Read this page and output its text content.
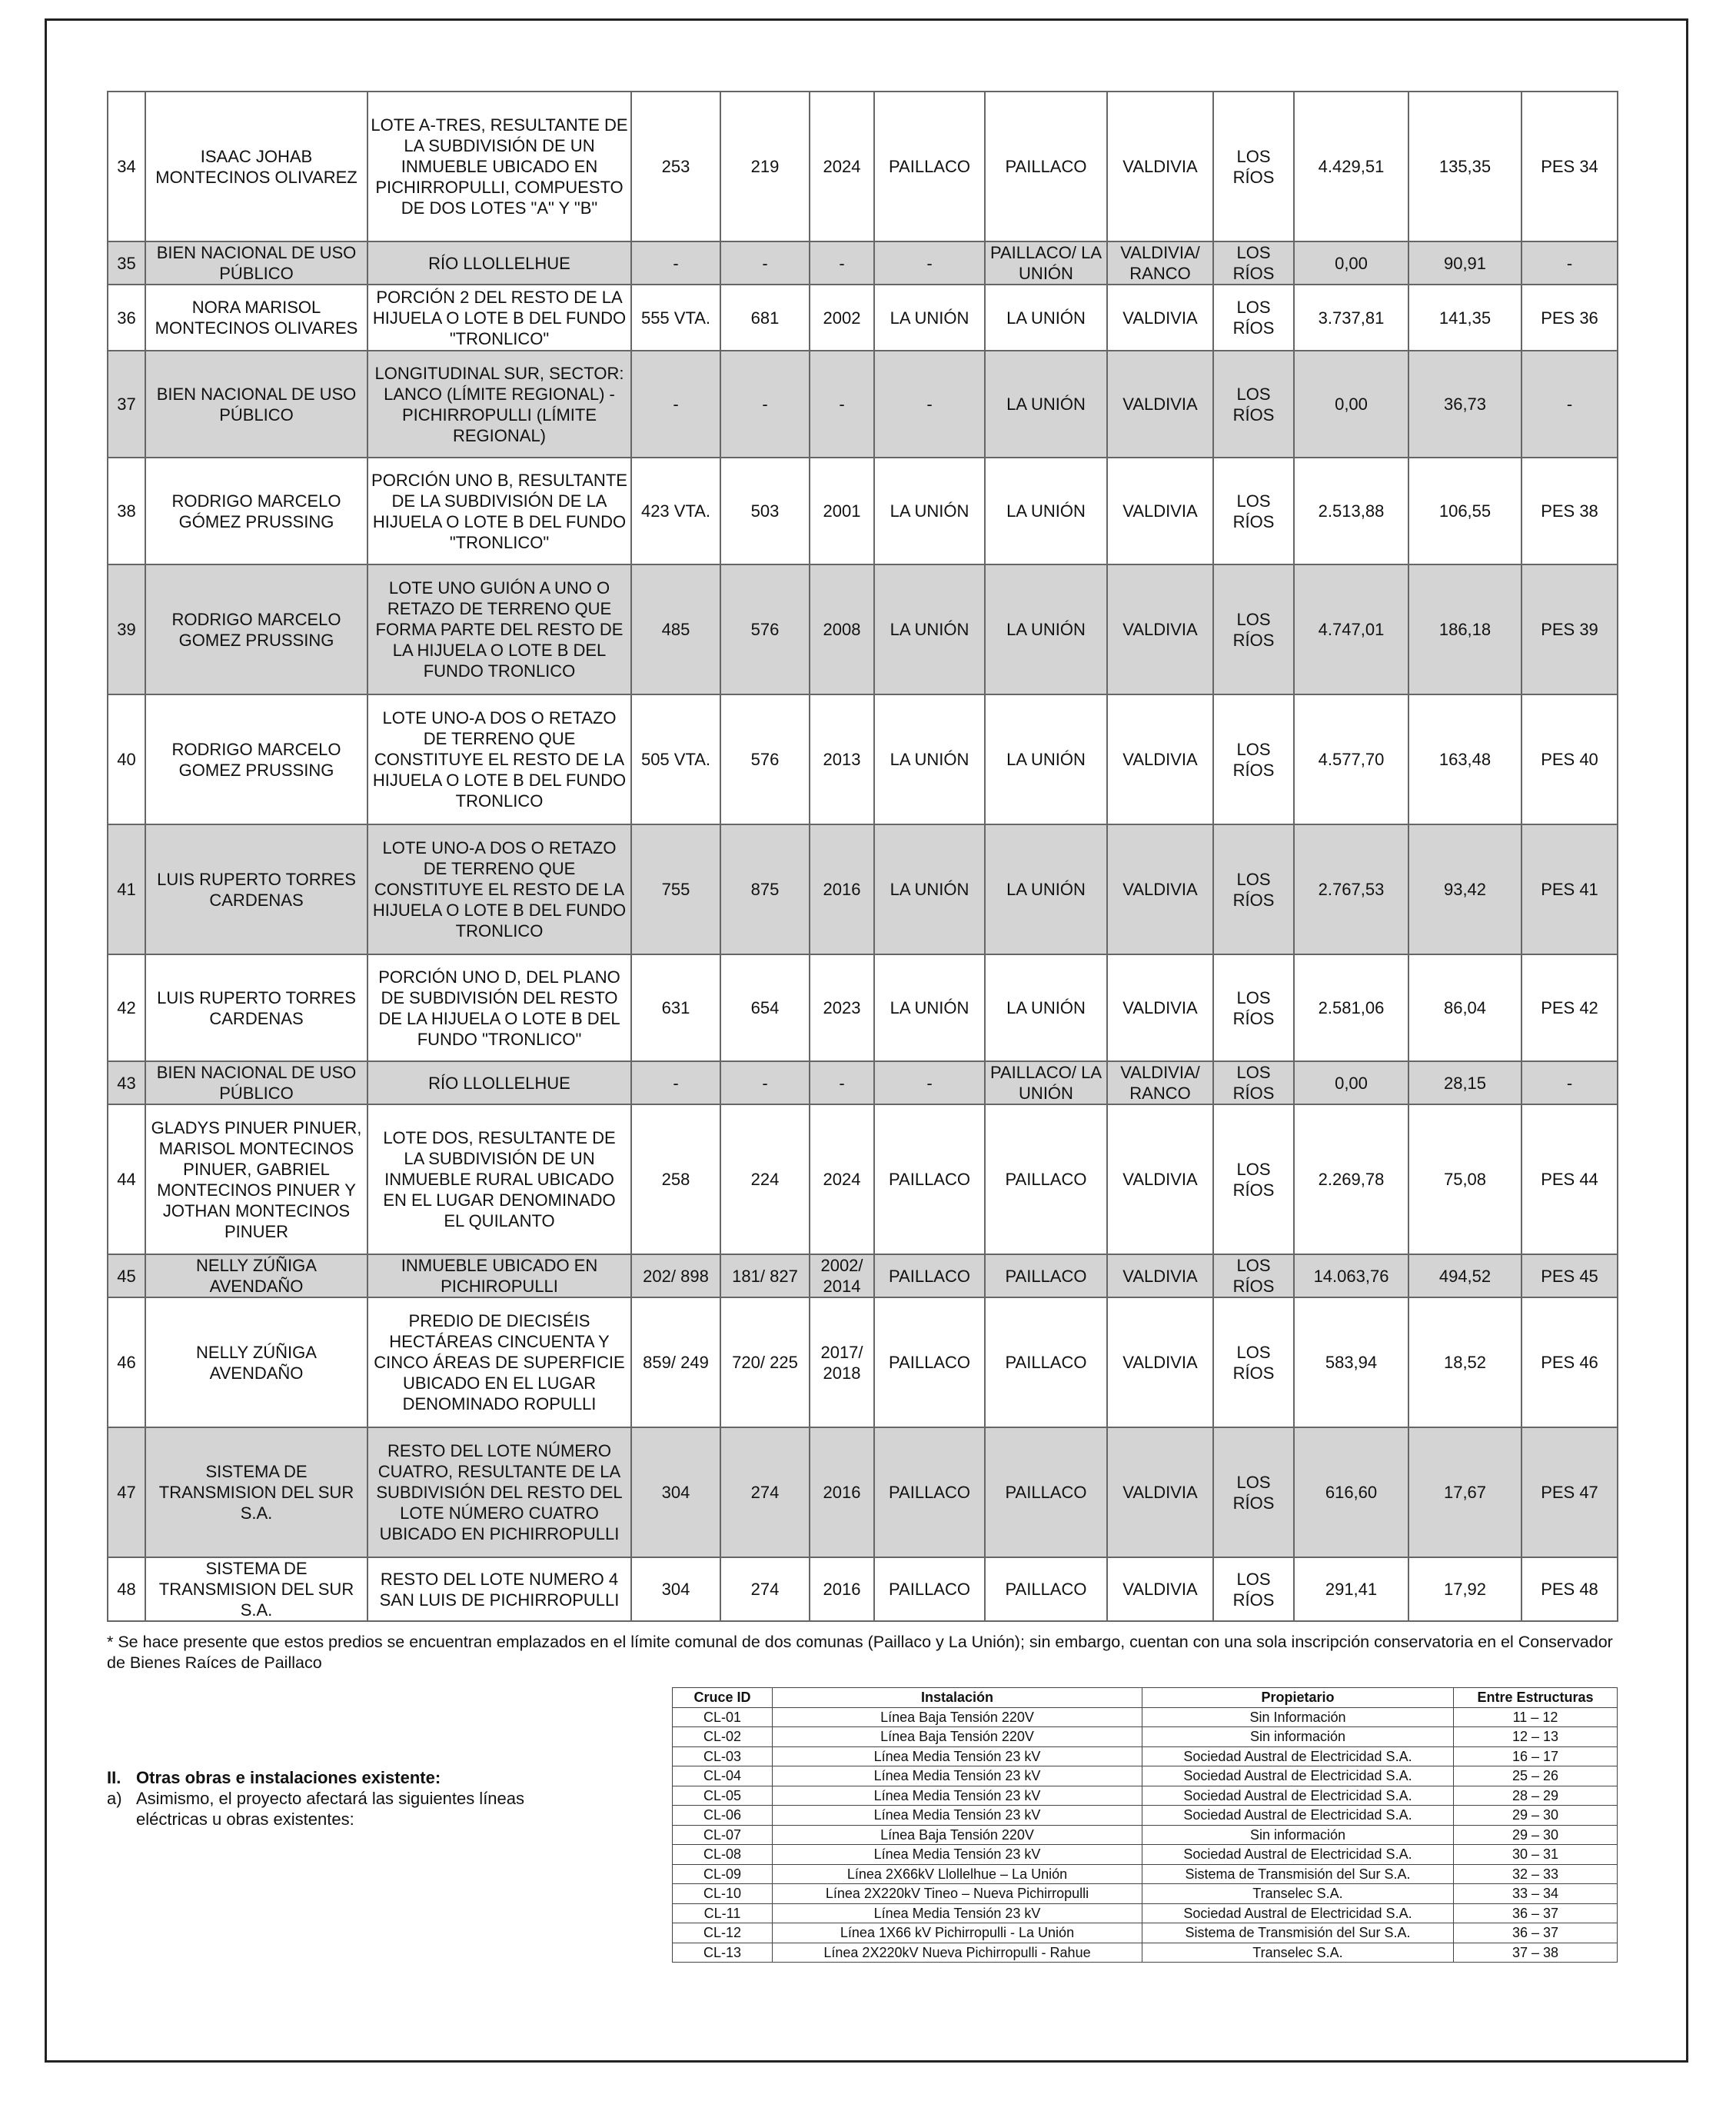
34	ISAAC JOHAB MONTECINOS OLIVAREZ	LOTE A-TRES, RESULTANTE DE LA SUBDIVISIÓN DE UN INMUEBLE UBICADO EN PICHIRROPULLI, COMPUESTO DE DOS LOTES "A" Y "B"	253	219	2024	PAILLACO	PAILLACO	VALDIVIA	LOS RÍOS	4.429,51	135,35	PES 34
35	BIEN NACIONAL DE USO PÚBLICO	RÍO LLOLLELHUE	-	-	-	-	PAILLACO/ LA UNIÓN	VALDIVIA/ RANCO	LOS RÍOS	0,00	90,91	-
36	NORA MARISOL MONTECINOS OLIVARES	PORCIÓN 2 DEL RESTO DE LA HIJUELA O LOTE B DEL FUNDO "TRONLICO"	555 VTA.	681	2002	LA UNIÓN	LA UNIÓN	VALDIVIA	LOS RÍOS	3.737,81	141,35	PES 36
37	BIEN NACIONAL DE USO PÚBLICO	LONGITUDINAL SUR, SECTOR: LANCO (LÍMITE REGIONAL) - PICHIRROPULLI (LÍMITE REGIONAL)	-	-	-	-	LA UNIÓN	VALDIVIA	LOS RÍOS	0,00	36,73	-
38	RODRIGO MARCELO GÓMEZ PRUSSING	PORCIÓN UNO B, RESULTANTE DE LA SUBDIVISIÓN DE LA HIJUELA O LOTE B DEL FUNDO "TRONLICO"	423 VTA.	503	2001	LA UNIÓN	LA UNIÓN	VALDIVIA	LOS RÍOS	2.513,88	106,55	PES 38
39	RODRIGO MARCELO GOMEZ PRUSSING	LOTE UNO GUIÓN A UNO O RETAZO DE TERRENO QUE FORMA PARTE DEL RESTO DE LA HIJUELA O LOTE B DEL FUNDO TRONLICO	485	576	2008	LA UNIÓN	LA UNIÓN	VALDIVIA	LOS RÍOS	4.747,01	186,18	PES 39
40	RODRIGO MARCELO GOMEZ PRUSSING	LOTE UNO-A DOS O RETAZO DE TERRENO QUE CONSTITUYE EL RESTO DE LA HIJUELA O LOTE B DEL FUNDO TRONLICO	505 VTA.	576	2013	LA UNIÓN	LA UNIÓN	VALDIVIA	LOS RÍOS	4.577,70	163,48	PES 40
41	LUIS RUPERTO TORRES CARDENAS	LOTE UNO-A DOS O RETAZO DE TERRENO QUE CONSTITUYE EL RESTO DE LA HIJUELA O LOTE B DEL FUNDO TRONLICO	755	875	2016	LA UNIÓN	LA UNIÓN	VALDIVIA	LOS RÍOS	2.767,53	93,42	PES 41
42	LUIS RUPERTO TORRES CARDENAS	PORCIÓN UNO D, DEL PLANO DE SUBDIVISIÓN DEL RESTO DE LA HIJUELA O LOTE B DEL FUNDO "TRONLICO"	631	654	2023	LA UNIÓN	LA UNIÓN	VALDIVIA	LOS RÍOS	2.581,06	86,04	PES 42
43	BIEN NACIONAL DE USO PÚBLICO	RÍO LLOLLELHUE	-	-	-	-	PAILLACO/ LA UNIÓN	VALDIVIA/ RANCO	LOS RÍOS	0,00	28,15	-
44	GLADYS PINUER PINUER, MARISOL MONTECINOS PINUER, GABRIEL MONTECINOS PINUER Y JOTHAN MONTECINOS PINUER	LOTE DOS, RESULTANTE DE LA SUBDIVISIÓN DE UN INMUEBLE RURAL UBICADO EN EL LUGAR DENOMINADO EL QUILANTO	258	224	2024	PAILLACO	PAILLACO	VALDIVIA	LOS RÍOS	2.269,78	75,08	PES 44
45	NELLY ZÚÑIGA AVENDAÑO	INMUEBLE UBICADO EN PICHIROPULLI	202/ 898	181/ 827	2002/ 2014	PAILLACO	PAILLACO	VALDIVIA	LOS RÍOS	14.063,76	494,52	PES 45
46	NELLY ZÚÑIGA AVENDAÑO	PREDIO DE DIECISÉIS HECTÁREAS CINCUENTA Y CINCO ÁREAS DE SUPERFICIE UBICADO EN EL LUGAR DENOMINADO ROPULLI	859/ 249	720/ 225	2017/ 2018	PAILLACO	PAILLACO	VALDIVIA	LOS RÍOS	583,94	18,52	PES 46
47	SISTEMA DE TRANSMISION DEL SUR S.A.	RESTO DEL LOTE NÚMERO CUATRO, RESULTANTE DE LA SUBDIVISIÓN DEL RESTO DEL LOTE NÚMERO CUATRO UBICADO EN PICHIRROPULLI	304	274	2016	PAILLACO	PAILLACO	VALDIVIA	LOS RÍOS	616,60	17,67	PES 47
48	SISTEMA DE TRANSMISION DEL SUR S.A.	RESTO DEL LOTE NUMERO 4 SAN LUIS DE PICHIRROPULLI	304	274	2016	PAILLACO	PAILLACO	VALDIVIA	LOS RÍOS	291,41	17,92	PES 48

* Se hace presente que estos predios se encuentran emplazados en el límite comunal de dos comunas (Paillaco y La Unión); sin embargo, cuentan con una sola inscripción conservatoria en el Conservador de Bienes Raíces de Paillaco

II. Otras obras e instalaciones existente:
a) Asimismo, el proyecto afectará las siguientes líneas eléctricas u obras existentes:
Cruce ID	Instalación	Propietario	Entre Estructuras
CL-01	Línea Baja Tensión 220V	Sin Información	11 – 12
CL-02	Línea Baja Tensión 220V	Sin información	12 – 13
CL-03	Línea Media Tensión 23 kV	Sociedad Austral de Electricidad S.A.	16 – 17
CL-04	Línea Media Tensión 23 kV	Sociedad Austral de Electricidad S.A.	25 – 26
CL-05	Línea Media Tensión 23 kV	Sociedad Austral de Electricidad S.A.	28 – 29
CL-06	Línea Media Tensión 23 kV	Sociedad Austral de Electricidad S.A.	29 – 30
CL-07	Línea Baja Tensión 220V	Sin información	29 – 30
CL-08	Línea Media Tensión 23 kV	Sociedad Austral de Electricidad S.A.	30 – 31
CL-09	Línea 2X66kV Llollelhue – La Unión	Sistema de Transmisión del Sur S.A.	32 – 33
CL-10	Línea 2X220kV Tineo – Nueva Pichirropulli	Transelec S.A.	33 – 34
CL-11	Línea Media Tensión 23 kV	Sociedad Austral de Electricidad S.A.	36 – 37
CL-12	Línea 1X66 kV Pichirropulli - La Unión	Sistema de Transmisión del Sur S.A.	36 – 37
CL-13	Línea 2X220kV Nueva Pichirropulli - Rahue	Transelec S.A.	37 – 38
